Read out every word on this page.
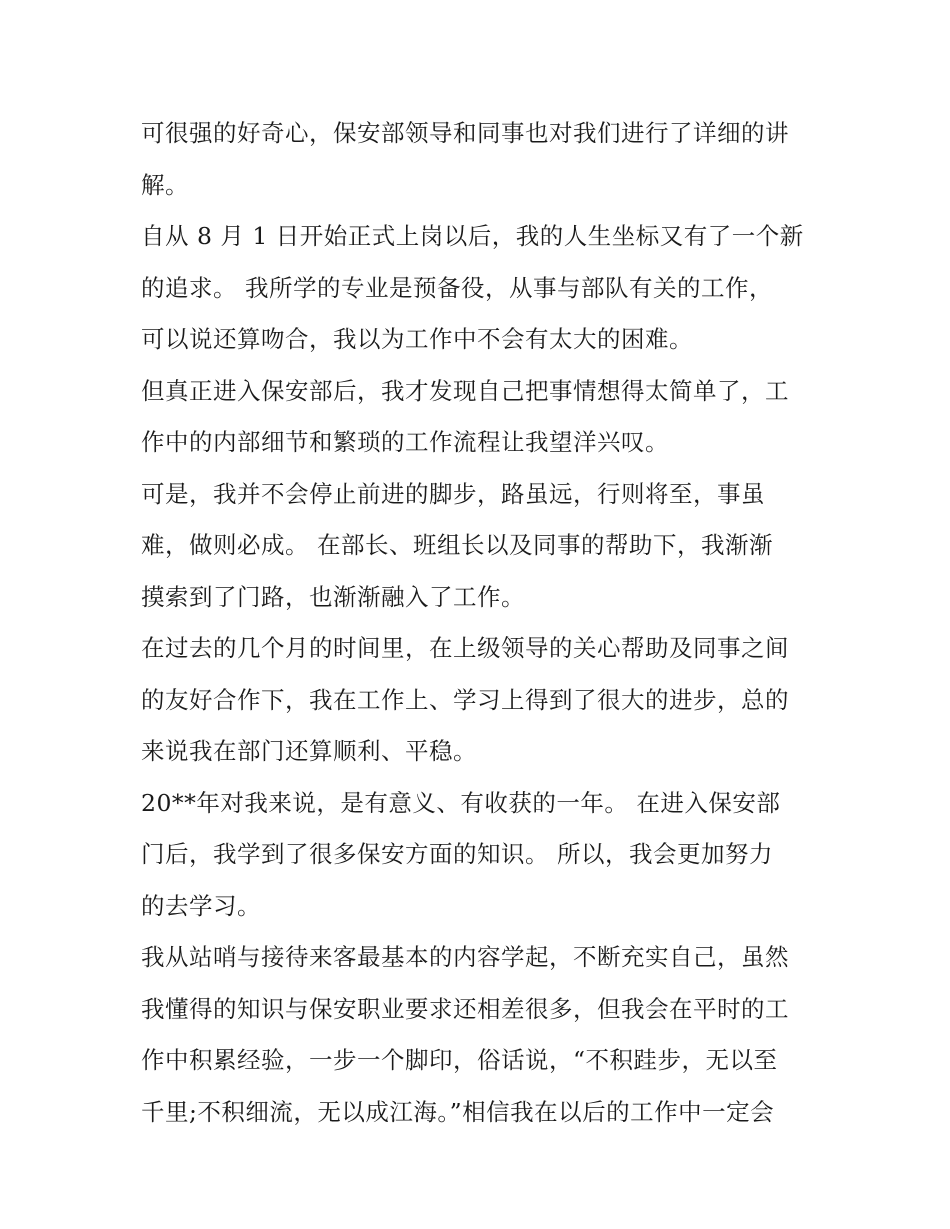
可很强的好奇心，保安部领导和同事也对我们进行了详细的讲
解。
自从 8 月 1 日开始正式上岗以后，我的人生坐标又有了一个新
的追求。 我所学的专业是预备役，从事与部队有关的工作，
可以说还算吻合，我以为工作中不会有太大的困难。
但真正进入保安部后，我才发现自己把事情想得太简单了，工
作中的内部细节和繁琐的工作流程让我望洋兴叹。
可是，我并不会停止前进的脚步，路虽远，行则将至，事虽
难，做则必成。 在部长、班组长以及同事的帮助下，我渐渐
摸索到了门路，也渐渐融入了工作。
在过去的几个月的时间里，在上级领导的关心帮助及同事之间
的友好合作下，我在工作上、学习上得到了很大的进步，总的
来说我在部门还算顺利、平稳。
20**年对我来说，是有意义、有收获的一年。 在进入保安部
门后，我学到了很多保安方面的知识。 所以，我会更加努力
的去学习。
我从站哨与接待来客最基本的内容学起，不断充实自己，虽然
我懂得的知识与保安职业要求还相差很多，但我会在平时的工
作中积累经验，一步一个脚印，俗话说，“不积跬步，无以至
千里;不积细流，无以成江海。”相信我在以后的工作中一定会
